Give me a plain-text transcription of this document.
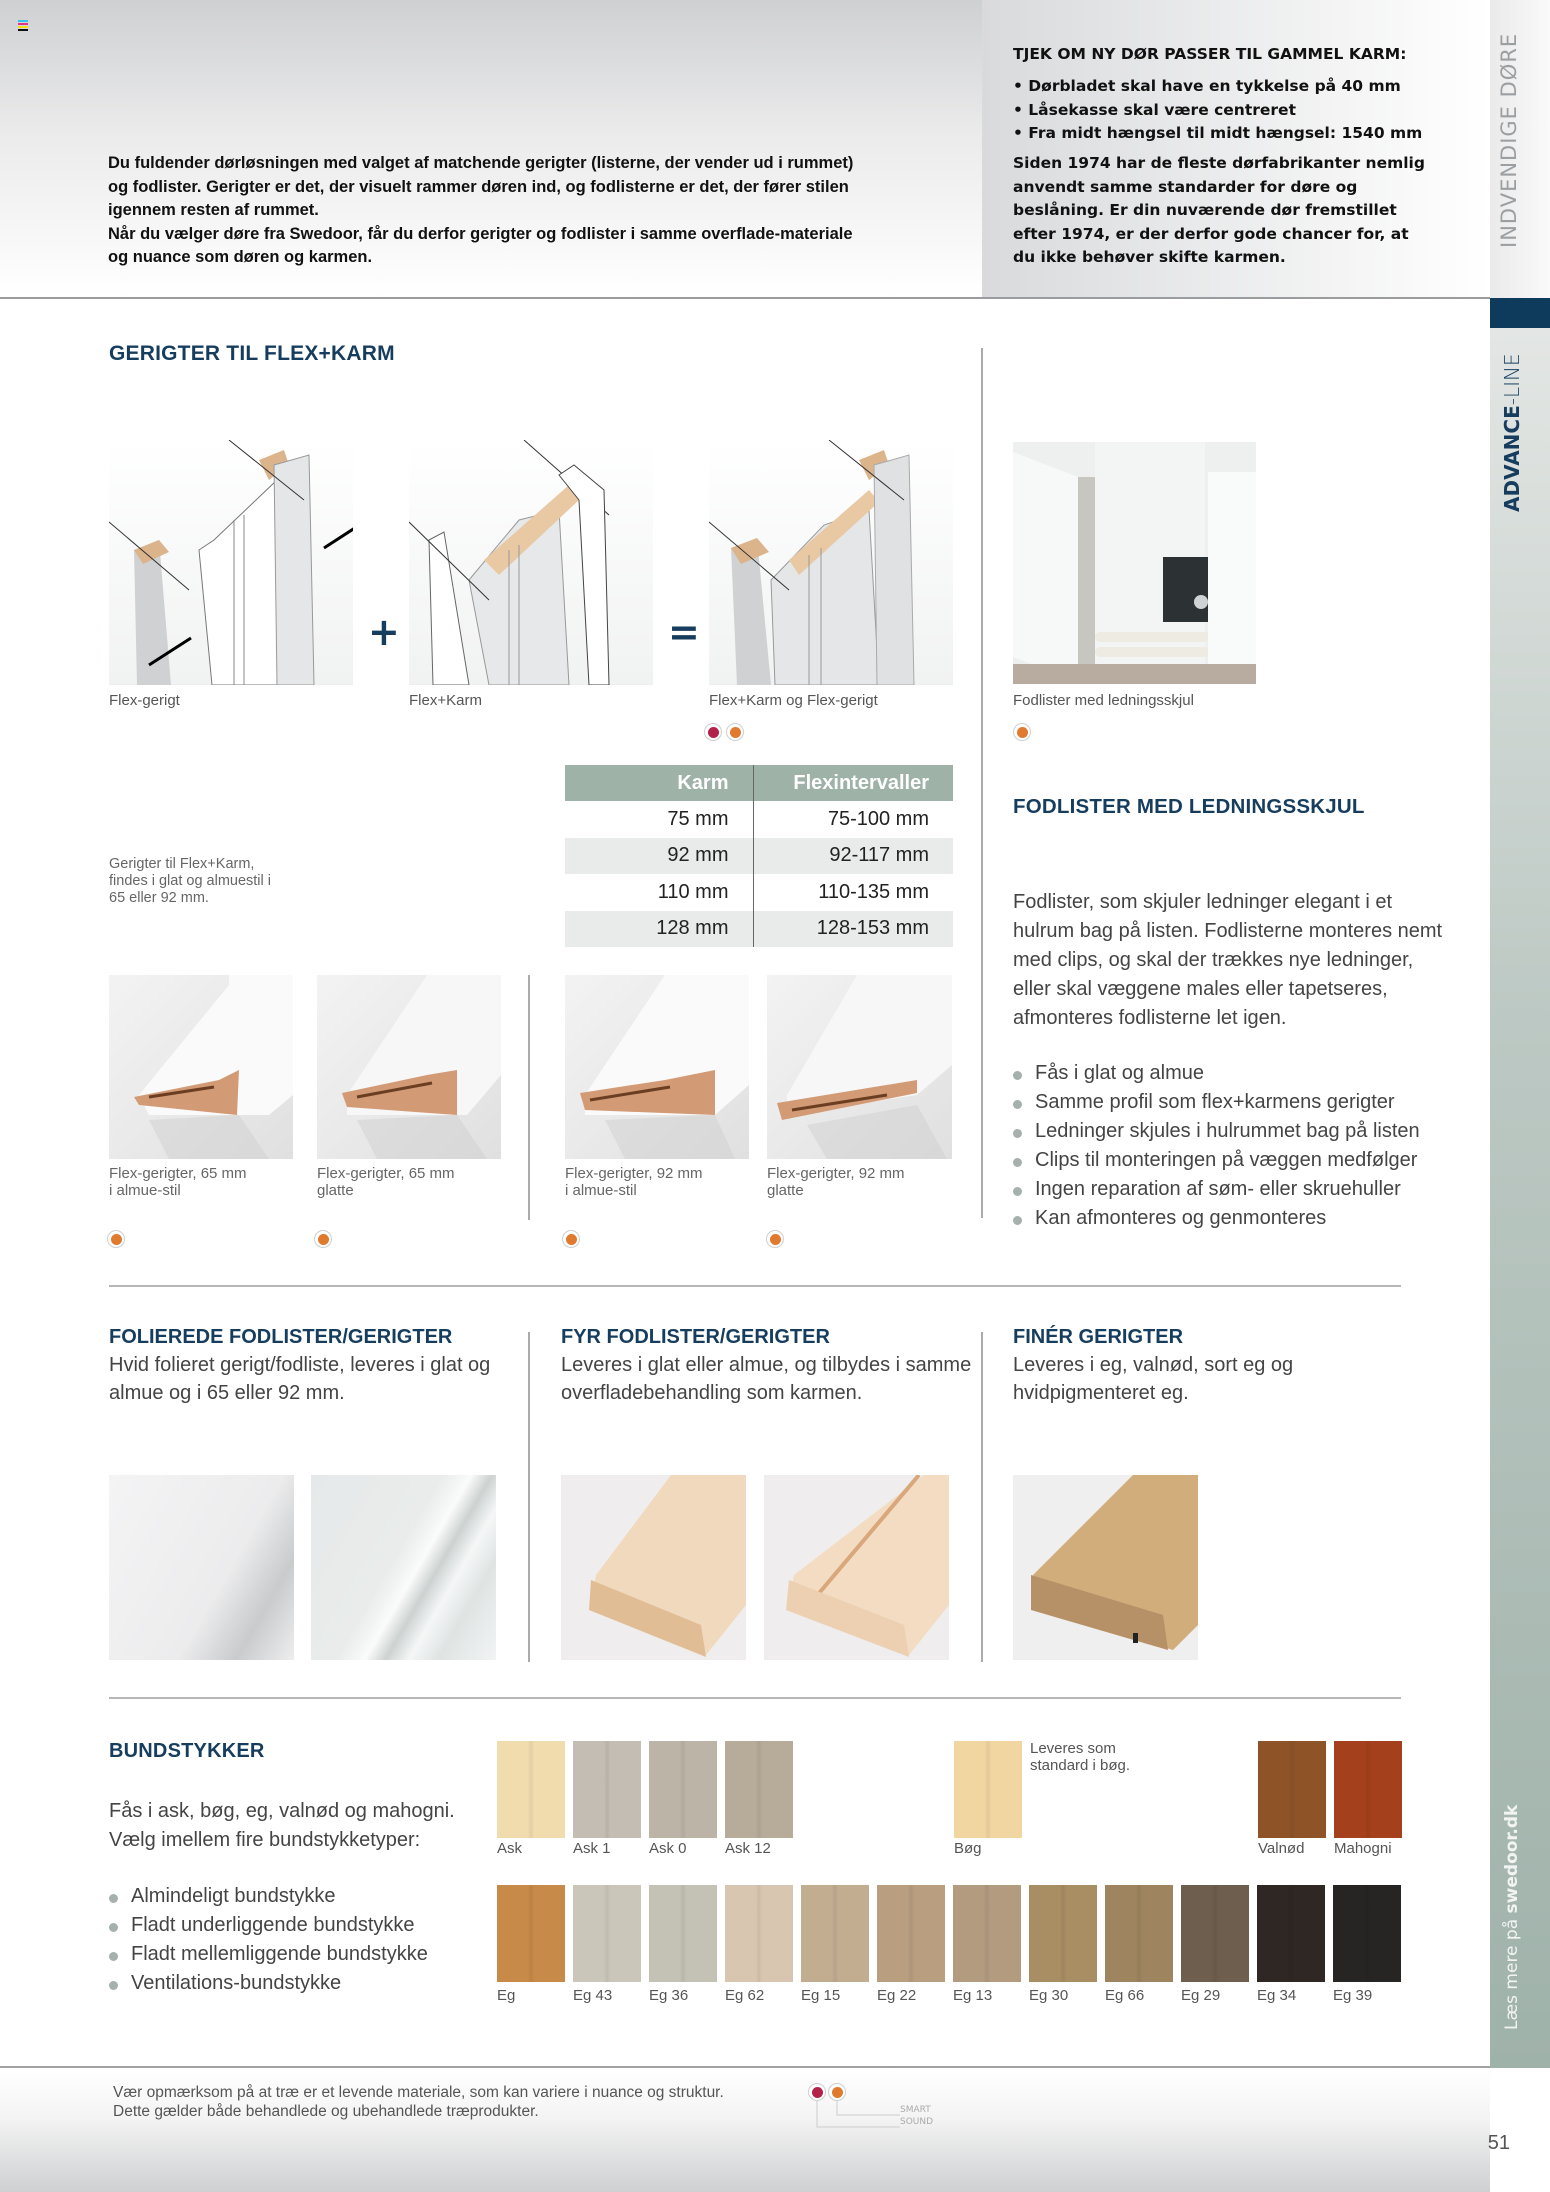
Du fuldender dørløsningen med valget af matchende gerigter (listerne, der vender ud i rummet) og fodlister. Gerigter er det, der visuelt rammer døren ind, og fodlisterne er det, der fører stilen igennem resten af rummet.

Når du vælger døre fra Swedoor, får du derfor gerigter og fodlister i samme overflade-materiale og nuance som døren og karmen.

TJEK OM NY DØR PASSER TIL GAMMEL KARM:
• Dørbladet skal have en tykkelse på 40 mm
• Låsekasse skal være centreret
• Fra midt hængsel til midt hængsel: 1540 mm
Siden 1974 har de fleste dørfabrikanter nemlig anvendt samme standarder for døre og beslåning. Er din nuværende dør fremstillet efter 1974, er der derfor gode chancer for, at du ikke behøver skifte karmen.
INDVENDIGE DØRE
ADVANCE-LINE
Læs mere på swedoor.dk
GERIGTER TIL FLEX+KARM
+	=
Flex-gerigt	Flex+Karm	Flex+Karm og Flex-gerigt
Gerigter til Flex+Karm, findes i glat og almuestil i 65 eller 92 mm.
Karm	Flexintervaller
75 mm	75-100 mm
92 mm	92-117 mm
110 mm	110-135 mm
128 mm	128-153 mm
Flex-gerigter, 65 mm
i almue-stil
Flex-gerigter, 65 mm
glatte
Flex-gerigter, 92 mm
i almue-stil
Flex-gerigter, 92 mm
glatte
Fodlister med ledningsskjul
FODLISTER MED LEDNINGSSKJUL

Fodlister, som skjuler ledninger elegant i et hulrum bag på listen. Fodlisterne monteres nemt med clips, og skal der trækkes nye ledninger, eller skal væggene males eller tapetseres, afmonteres fodlisterne let igen.

Fås i glat og almue
Samme profil som flex+karmens gerigter
Ledninger skjules i hulrummet bag på listen
Clips til monteringen på væggen medfølger
Ingen reparation af søm- eller skruehuller
Kan afmonteres og genmonteres
FOLIEREDE FODLISTER/GERIGTER
Hvid folieret gerigt/fodliste, leveres i glat og almue og i 65 eller 92 mm.
FYR FODLISTER/GERIGTER
Leveres i glat eller almue, og tilbydes i samme overfladebehandling som karmen.
FINÉR GERIGTER
Leveres i eg, valnød, sort eg og hvidpigmenteret eg.
BUNDSTYKKER

Fås i ask, bøg, eg, valnød og mahogni.

Vælg imellem fire bundstykketyper:

Almindeligt bundstykke
Fladt underliggende bundstykke
Fladt mellemliggende bundstykke
Ventilations-bundstykke
Ask	Ask 1	Ask 0	Ask 12	Bøg
Leveres som standard i bøg.
Valnød Mahogni
Eg	Eg 43	Eg 36	Eg 62	Eg 15	Eg 22	Eg 13	Eg 30	Eg 66	Eg 29	Eg 34	Eg 39
Vær opmærksom på at træ er et levende materiale, som kan variere i nuance og struktur.
Dette gælder både behandlede og ubehandlede træprodukter.	SMART
SOUND
51
